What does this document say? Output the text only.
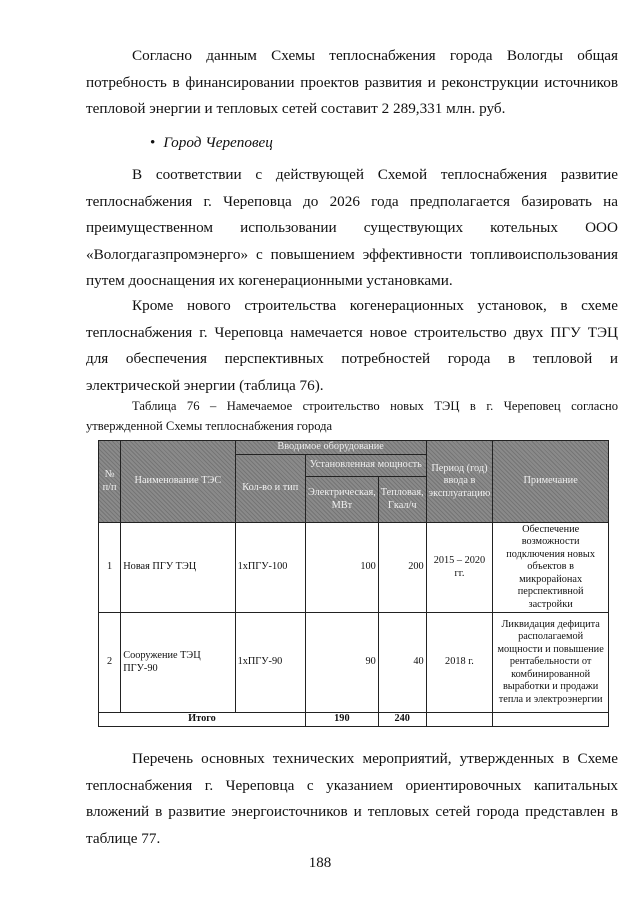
Согласно данным Схемы теплоснабжения города Вологды общая потребность в финансировании проектов развития и реконструкции источников тепловой энергии и тепловых сетей составит 2 289,331 млн. руб.

• Город Череповец

В соответствии с действующей Схемой теплоснабжения развитие теплоснабжения г. Череповца до 2026 года предполагается базировать на преимущественном использовании существующих котельных ООО «Вологдагазпромэнерго» с повышением эффективности топливоиспользования путем дооснащения их когенерационными установками.

Кроме нового строительства когенерационных установок, в схеме теплоснабжения г. Череповца намечается новое строительство двух ПГУ ТЭЦ для обеспечения перспективных потребностей города в тепловой и электрической энергии (таблица 76).

Таблица 76 – Намечаемое строительство новых ТЭЦ в г. Череповец согласно утвержденной Схемы теплоснабжения города

№ п/п	Наименование ТЭС	Вводимое оборудование			Период (год) ввода в эксплуатацию	Примечание
		Кол-во и тип	Установленная мощность			
			Электрическая, МВт	Тепловая, Гкал/ч		
1	Новая ПГУ ТЭЦ	1хПГУ-100	100	200	2015 – 2020 гг.	Обеспечение возможности подключения новых объектов в микрорайонах перспективной застройки
2	Сооружение ТЭЦ ПГУ-90	1хПГУ-90	90	40	2018 г.	Ликвидация дефицита располагаемой мощности и повышение рентабельности от комбинированной выработки и продажи тепла и электроэнергии
Итого			190	240		

Перечень основных технических мероприятий, утвержденных в Схеме теплоснабжения г. Череповца с указанием ориентировочных капитальных вложений в развитие энергоисточников и тепловых сетей города представлен в таблице 77.

188
